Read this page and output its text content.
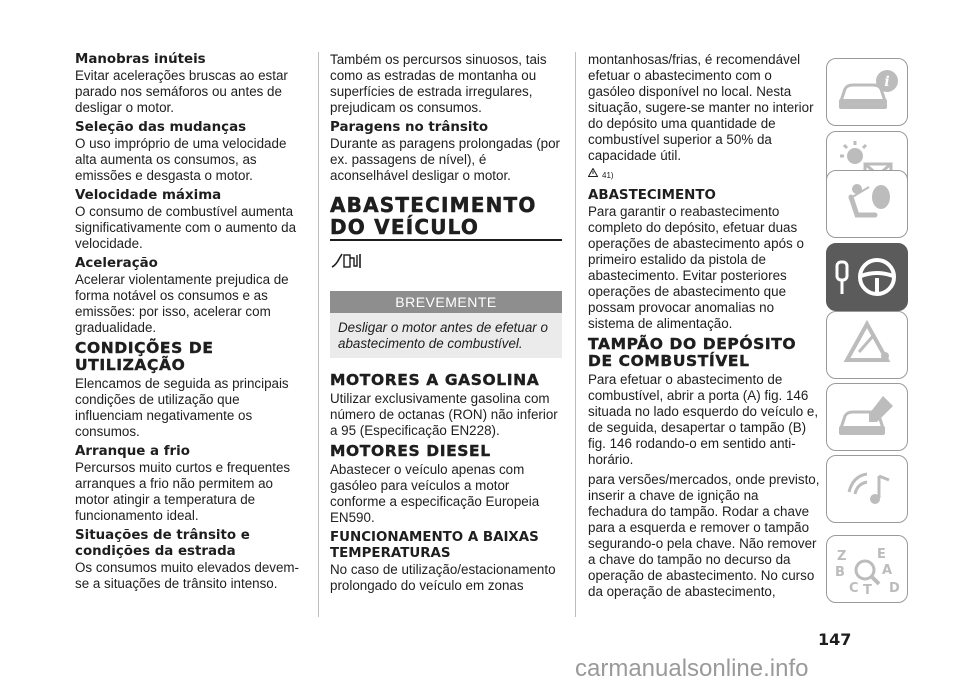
Manobras inúteis

Evitar acelerações bruscas ao estar parado nos semáforos ou antes de desligar o motor.

Seleção das mudanças

O uso impróprio de uma velocidade alta aumenta os consumos, as emissões e desgasta o motor.

Velocidade máxima

O consumo de combustível aumenta significativamente com o aumento da velocidade.

Aceleração

Acelerar violentamente prejudica de forma notável os consumos e as emissões: por isso, acelerar com gradualidade.

CONDIÇÕES DE UTILIZAÇÃO

Elencamos de seguida as principais condições de utilização que influenciam negativamente os consumos.

Arranque a frio

Percursos muito curtos e frequentes arranques a frio não permitem ao motor atingir a temperatura de funcionamento ideal.

Situações de trânsito e condições da estrada

Os consumos muito elevados devem-se a situações de trânsito intenso.

Também os percursos sinuosos, tais como as estradas de montanha ou superfícies de estrada irregulares, prejudicam os consumos.

Paragens no trânsito

Durante as paragens prolongadas (por ex. passagens de nível), é aconselhável desligar o motor.

ABASTECIMENTO DO VEÍCULO
BREVEMENTE
Desligar o motor antes de efetuar o abastecimento de combustível.
MOTORES A GASOLINA

Utilizar exclusivamente gasolina com número de octanas (RON) não inferior a 95 (Especificação EN228).

MOTORES DIESEL

Abastecer o veículo apenas com gasóleo para veículos a motor conforme a especificação Europeia EN590.

FUNCIONAMENTO A BAIXAS TEMPERATURAS

No caso de utilização/estacionamento prolongado do veículo em zonas

montanhosas/frias, é recomendável efetuar o abastecimento com o gasóleo disponível no local. Nesta situação, sugere-se manter no interior do depósito uma quantidade de combustível superior a 50% da capacidade útil.

41)
ABASTECIMENTO

Para garantir o reabastecimento completo do depósito, efetuar duas operações de abastecimento após o primeiro estalido da pistola de abastecimento. Evitar posteriores operações de abastecimento que possam provocar anomalias no sistema de alimentação.

TAMPÃO DO DEPÓSITO DE COMBUSTÍVEL

Para efetuar o abastecimento de combustível, abrir a porta (A) fig. 146 situada no lado esquerdo do veículo e, de seguida, desapertar o tampão (B) fig. 146 rodando-o em sentido anti-horário.

para versões/mercados, onde previsto, inserir a chave de ignição na fechadura do tampão. Rodar a chave para a esquerda e remover o tampão segurando-o pela chave. Não remover a chave do tampão no decurso da operação de abastecimento. No curso da operação de abastecimento,

i
Z E
A
B
C D
T
147
carmanualsonline.info
